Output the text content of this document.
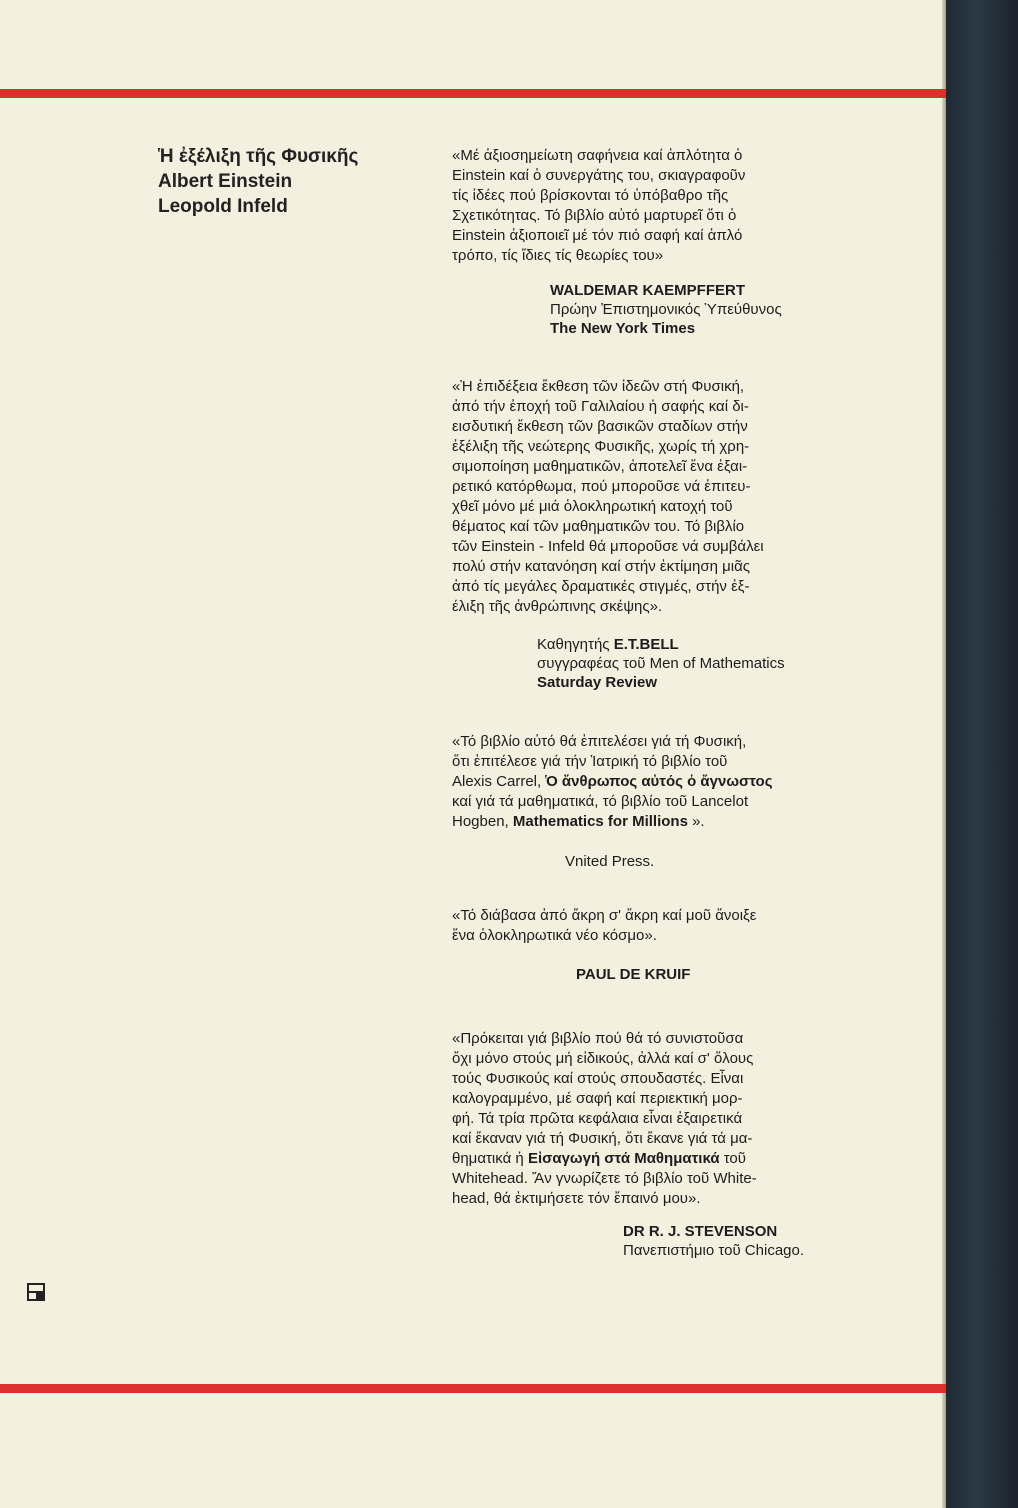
Ἡ ἐξέλιξη τῆς Φυσικῆς
Albert Einstein
Leopold Infeld

«Μέ ἀξιοσημείωτη σαφήνεια καί ἁπλότητα ὁ
Einstein καί ὁ συνεργάτης του, σκιαγραφοῦν
τίς ἰδέες πού βρίσκονται τό ὑπόβαθρο τῆς
Σχετικότητας. Τό βιβλίο αὐτό μαρτυρεῖ ὅτι ὁ
Einstein ἀξιοποιεῖ μέ τόν πιό σαφή καί ἁπλό
τρόπο, τίς ἴδιες τίς θεωρίες του»

WALDEMAR KAEMPFFERT
Πρώην Ἐπιστημονικός Ὑπεύθυνος
The New York Times

«Ἡ ἐπιδέξεια ἔκθεση τῶν ἰδεῶν στή Φυσική,
ἀπό τήν ἐποχή τοῦ Γαλιλαίου ἡ σαφής καί δι-
εισδυτική ἔκθεση τῶν βασικῶν σταδίων στήν
ἐξέλιξη τῆς νεώτερης Φυσικῆς, χωρίς τή χρη-
σιμοποίηση μαθηματικῶν, ἀποτελεῖ ἕνα ἐξαι-
ρετικό κατόρθωμα, πού μποροῦσε νά ἐπιτευ-
χθεῖ μόνο μέ μιά ὁλοκληρωτική κατοχή τοῦ
θέματος καί τῶν μαθηματικῶν του. Τό βιβλίο
τῶν Einstein - Infeld θά μποροῦσε νά συμβάλει
πολύ στήν κατανόηση καί στήν ἐκτίμηση μιᾶς
ἀπό τίς μεγάλες δραματικές στιγμές, στήν ἐξ-
έλιξη τῆς ἀνθρώπινης σκέψης».

Καθηγητής E.T.BELL
συγγραφέας τοῦ Men of Mathematics
Saturday Review

«Τό βιβλίο αὐτό θά ἐπιτελέσει γιά τή Φυσική,
ὅτι ἐπιτέλεσε γιά τήν Ἰατρική τό βιβλίο τοῦ
Alexis Carrel, Ὁ ἄνθρωπος αὐτός ὁ ἄγνωστος
καί γιά τά μαθηματικά, τό βιβλίο τοῦ Lancelot
Hogben, Mathematics for Millions ».

Vnited Press.

«Τό διάβασα ἀπό ἄκρη σ' ἄκρη καί μοῦ ἄνοιξε
ἕνα ὁλοκληρωτικά νέο κόσμο».

PAUL DE KRUIF

«Πρόκειται γιά βιβλίο πού θά τό συνιστοῦσα
ὄχι μόνο στούς μή εἰδικούς, ἀλλά καί σ' ὅλους
τούς Φυσικούς καί στούς σπουδαστές. Εἶναι
καλογραμμένο, μέ σαφή καί περιεκτική μορ-
φή. Τά τρία πρῶτα κεφάλαια εἶναι ἐξαιρετικά
καί ἔκαναν γιά τή Φυσική, ὅτι ἔκανε γιά τά μα-
θηματικά ἡ Εἰσαγωγή στά Μαθηματικά τοῦ
Whitehead. Ἄν γνωρίζετε τό βιβλίο τοῦ White-
head, θά ἐκτιμήσετε τόν ἔπαινό μου».

DR R. J. STEVENSON
Πανεπιστήμιο τοῦ Chicago.
